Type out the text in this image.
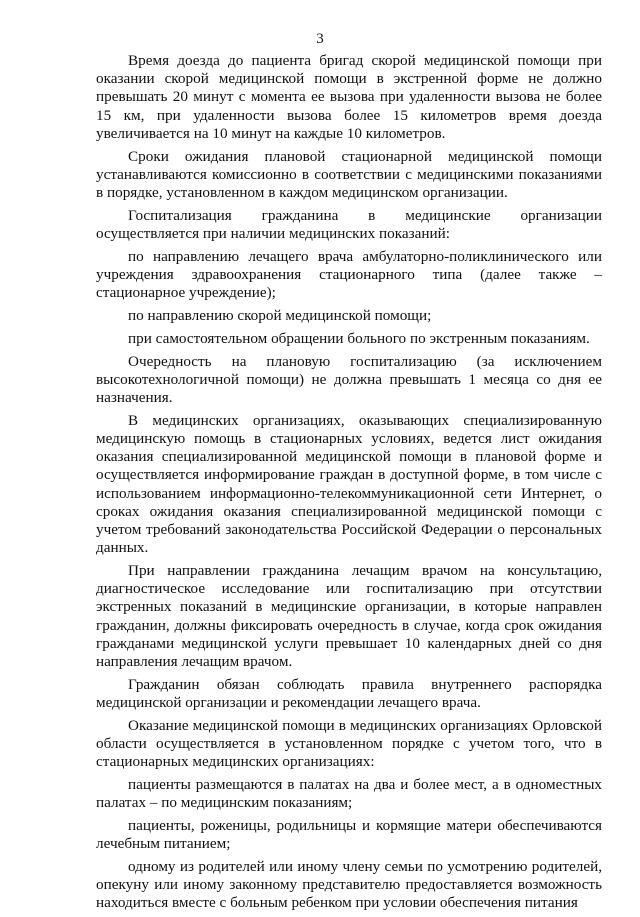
3

Время доезда до пациента бригад скорой медицинской помощи при оказании скорой медицинской помощи в экстренной форме не должно превышать 20 минут с момента ее вызова при удаленности вызова не более 15 км, при удаленности вызова более 15 километров время доезда увеличивается на 10 минут на каждые 10 километров.

Сроки ожидания плановой стационарной медицинской помощи устанавливаются комиссионно в соответствии с медицинскими показаниями в порядке, установленном в каждом медицинском организации.

Госпитализация гражданина в медицинские организации осуществляется при наличии медицинских показаний:

по направлению лечащего врача амбулаторно-поликлинического или учреждения здравоохранения стационарного типа (далее также – стационарное учреждение);

по направлению скорой медицинской помощи;

при самостоятельном обращении больного по экстренным показаниям.

Очередность на плановую госпитализацию (за исключением высокотехнологичной помощи) не должна превышать 1 месяца со дня ее назначения.

В медицинских организациях, оказывающих специализированную медицинскую помощь в стационарных условиях, ведется лист ожидания оказания специализированной медицинской помощи в плановой форме и осуществляется информирование граждан в доступной форме, в том числе с использованием информационно-телекоммуникационной сети Интернет, о сроках ожидания оказания специализированной медицинской помощи с учетом требований законодательства Российской Федерации о персональных данных.

При направлении гражданина лечащим врачом на консультацию, диагностическое исследование или госпитализацию при отсутствии экстренных показаний в медицинские организации, в которые направлен гражданин, должны фиксировать очередность в случае, когда срок ожидания гражданами медицинской услуги превышает 10 календарных дней со дня направления лечащим врачом.

Гражданин обязан соблюдать правила внутреннего распорядка медицинской организации и рекомендации лечащего врача.

Оказание медицинской помощи в медицинских организациях Орловской области осуществляется в установленном порядке с учетом того, что в стационарных медицинских организациях:

пациенты размещаются в палатах на два и более мест, а в одноместных палатах – по медицинским показаниям;

пациенты, роженицы, родильницы и кормящие матери обеспечиваются лечебным питанием;

одному из родителей или иному члену семьи по усмотрению родителей, опекуну или иному законному представителю предоставляется возможность находиться вместе с больным ребенком при условии обеспечения питания
